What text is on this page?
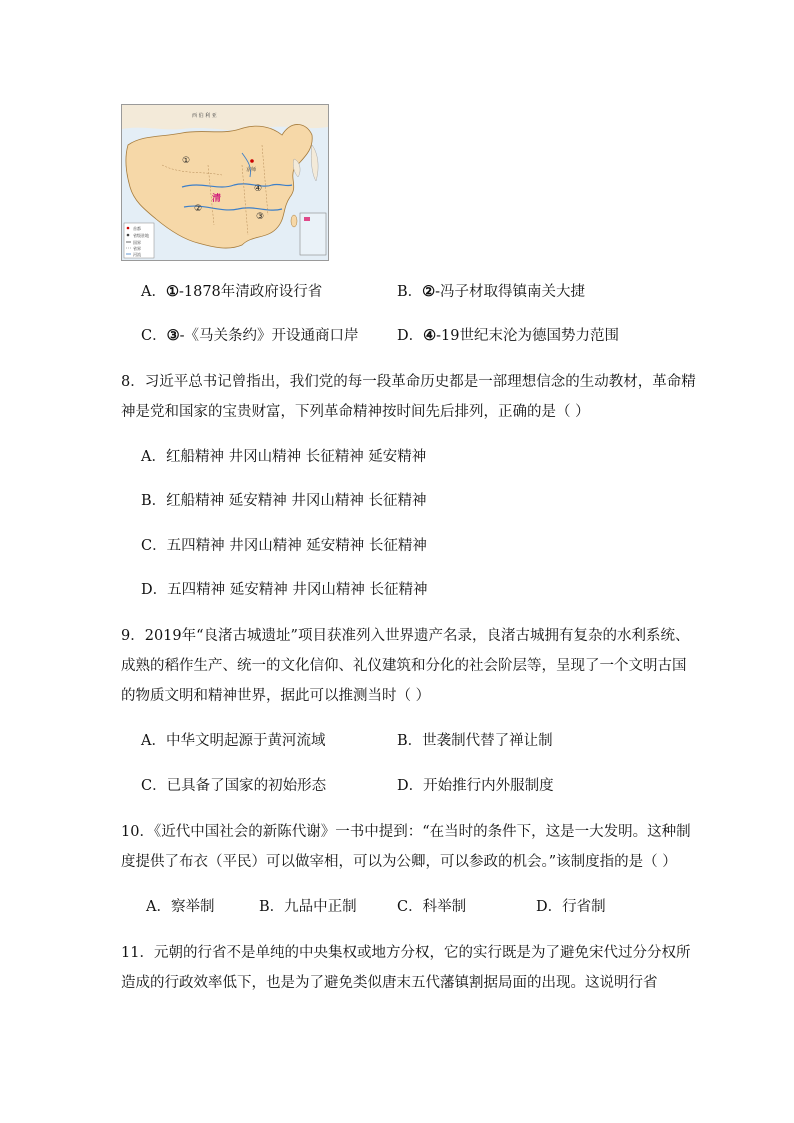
西 伯 利 亚
京师
清
①
②
③
④
首都
省级驻地
国界
省界
河流
A．①-1878年清政府设行省	B．②-冯子材取得镇南关大捷
C．③-《马关条约》开设通商口岸	D．④-19世纪末沦为德国势力范围
8．习近平总书记曾指出，我们党的每一段革命历史都是一部理想信念的生动教材，革命精
神是党和国家的宝贵财富，下列革命精神按时间先后排列，正确的是（ ）
A．红船精神 井冈山精神 长征精神 延安精神
B．红船精神 延安精神 井冈山精神 长征精神
C．五四精神 井冈山精神 延安精神 长征精神
D．五四精神 延安精神 井冈山精神 长征精神
9．2019年“良渚古城遗址”项目获准列入世界遗产名录，良渚古城拥有复杂的水利系统、
成熟的稻作生产、统一的文化信仰、礼仪建筑和分化的社会阶层等，呈现了一个文明古国
的物质文明和精神世界，据此可以推测当时（ ）
A．中华文明起源于黄河流域	B．世袭制代替了禅让制
C．已具备了国家的初始形态	D．开始推行内外服制度
10．《近代中国社会的新陈代谢》一书中提到：“在当时的条件下，这是一大发明。这种制
度提供了布衣（平民）可以做宰相，可以为公卿，可以参政的机会。”该制度指的是（ ）
A．察举制	B．九品中正制	C．科举制	D．行省制
11．元朝的行省不是单纯的中央集权或地方分权，它的实行既是为了避免宋代过分分权所
造成的行政效率低下，也是为了避免类似唐末五代藩镇割据局面的出现。这说明行省
